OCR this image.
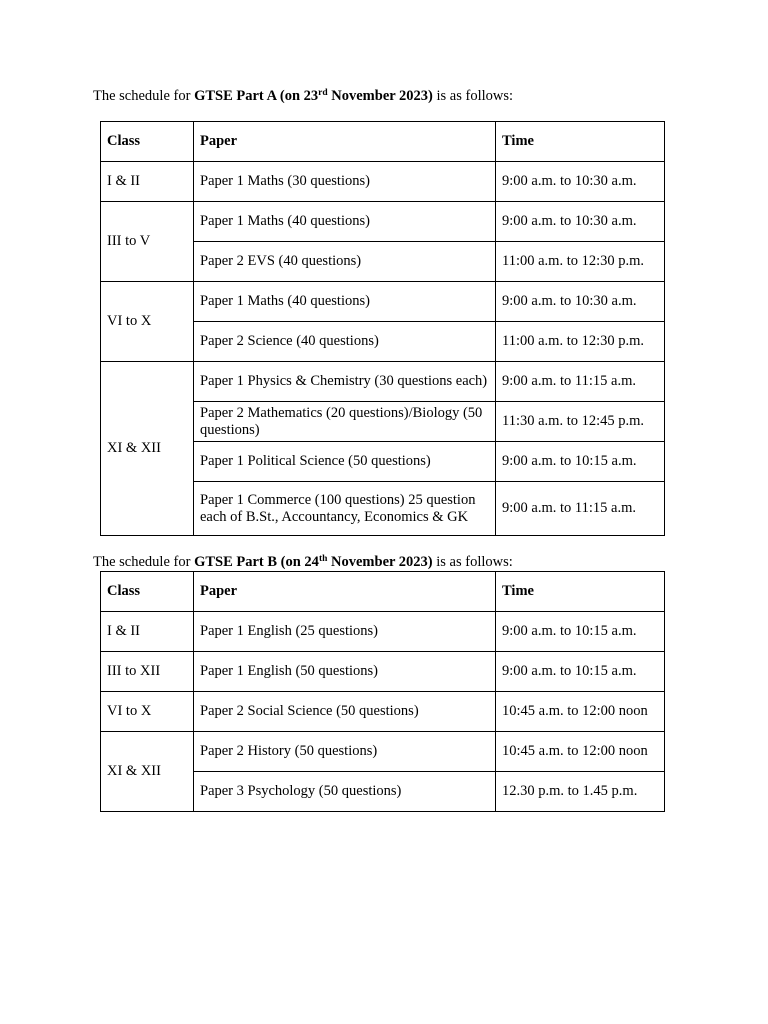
The schedule for GTSE Part A (on 23rd November 2023) is as follows:

Class	Paper	Time
I & II	Paper 1 Maths (30 questions)	9:00 a.m. to 10:30 a.m.
III to V	Paper 1 Maths (40 questions)	9:00 a.m. to 10:30 a.m.
	Paper 2 EVS (40 questions)	11:00 a.m. to 12:30 p.m.
VI to X	Paper 1 Maths (40 questions)	9:00 a.m. to 10:30 a.m.
	Paper 2 Science (40 questions)	11:00 a.m. to 12:30 p.m.
XI & XII	Paper 1 Physics & Chemistry (30 questions each)	9:00 a.m. to 11:15 a.m.
	Paper 2 Mathematics (20 questions)/Biology (50 questions)	11:30 a.m. to 12:45 p.m.
	Paper 1 Political Science (50 questions)	9:00 a.m. to 10:15 a.m.
	Paper 1 Commerce (100 questions) 25 question each of B.St., Accountancy, Economics & GK	9:00 a.m. to 11:15 a.m.

The schedule for GTSE Part B (on 24th November 2023) is as follows:

Class	Paper	Time
I & II	Paper 1 English (25 questions)	9:00 a.m. to 10:15 a.m.
III to XII	Paper 1 English (50 questions)	9:00 a.m. to 10:15 a.m.
VI to X	Paper 2 Social Science (50 questions)	10:45 a.m. to 12:00 noon
XI & XII	Paper 2 History (50 questions)	10:45 a.m. to 12:00 noon
	Paper 3 Psychology (50 questions)	12.30 p.m. to 1.45 p.m.
